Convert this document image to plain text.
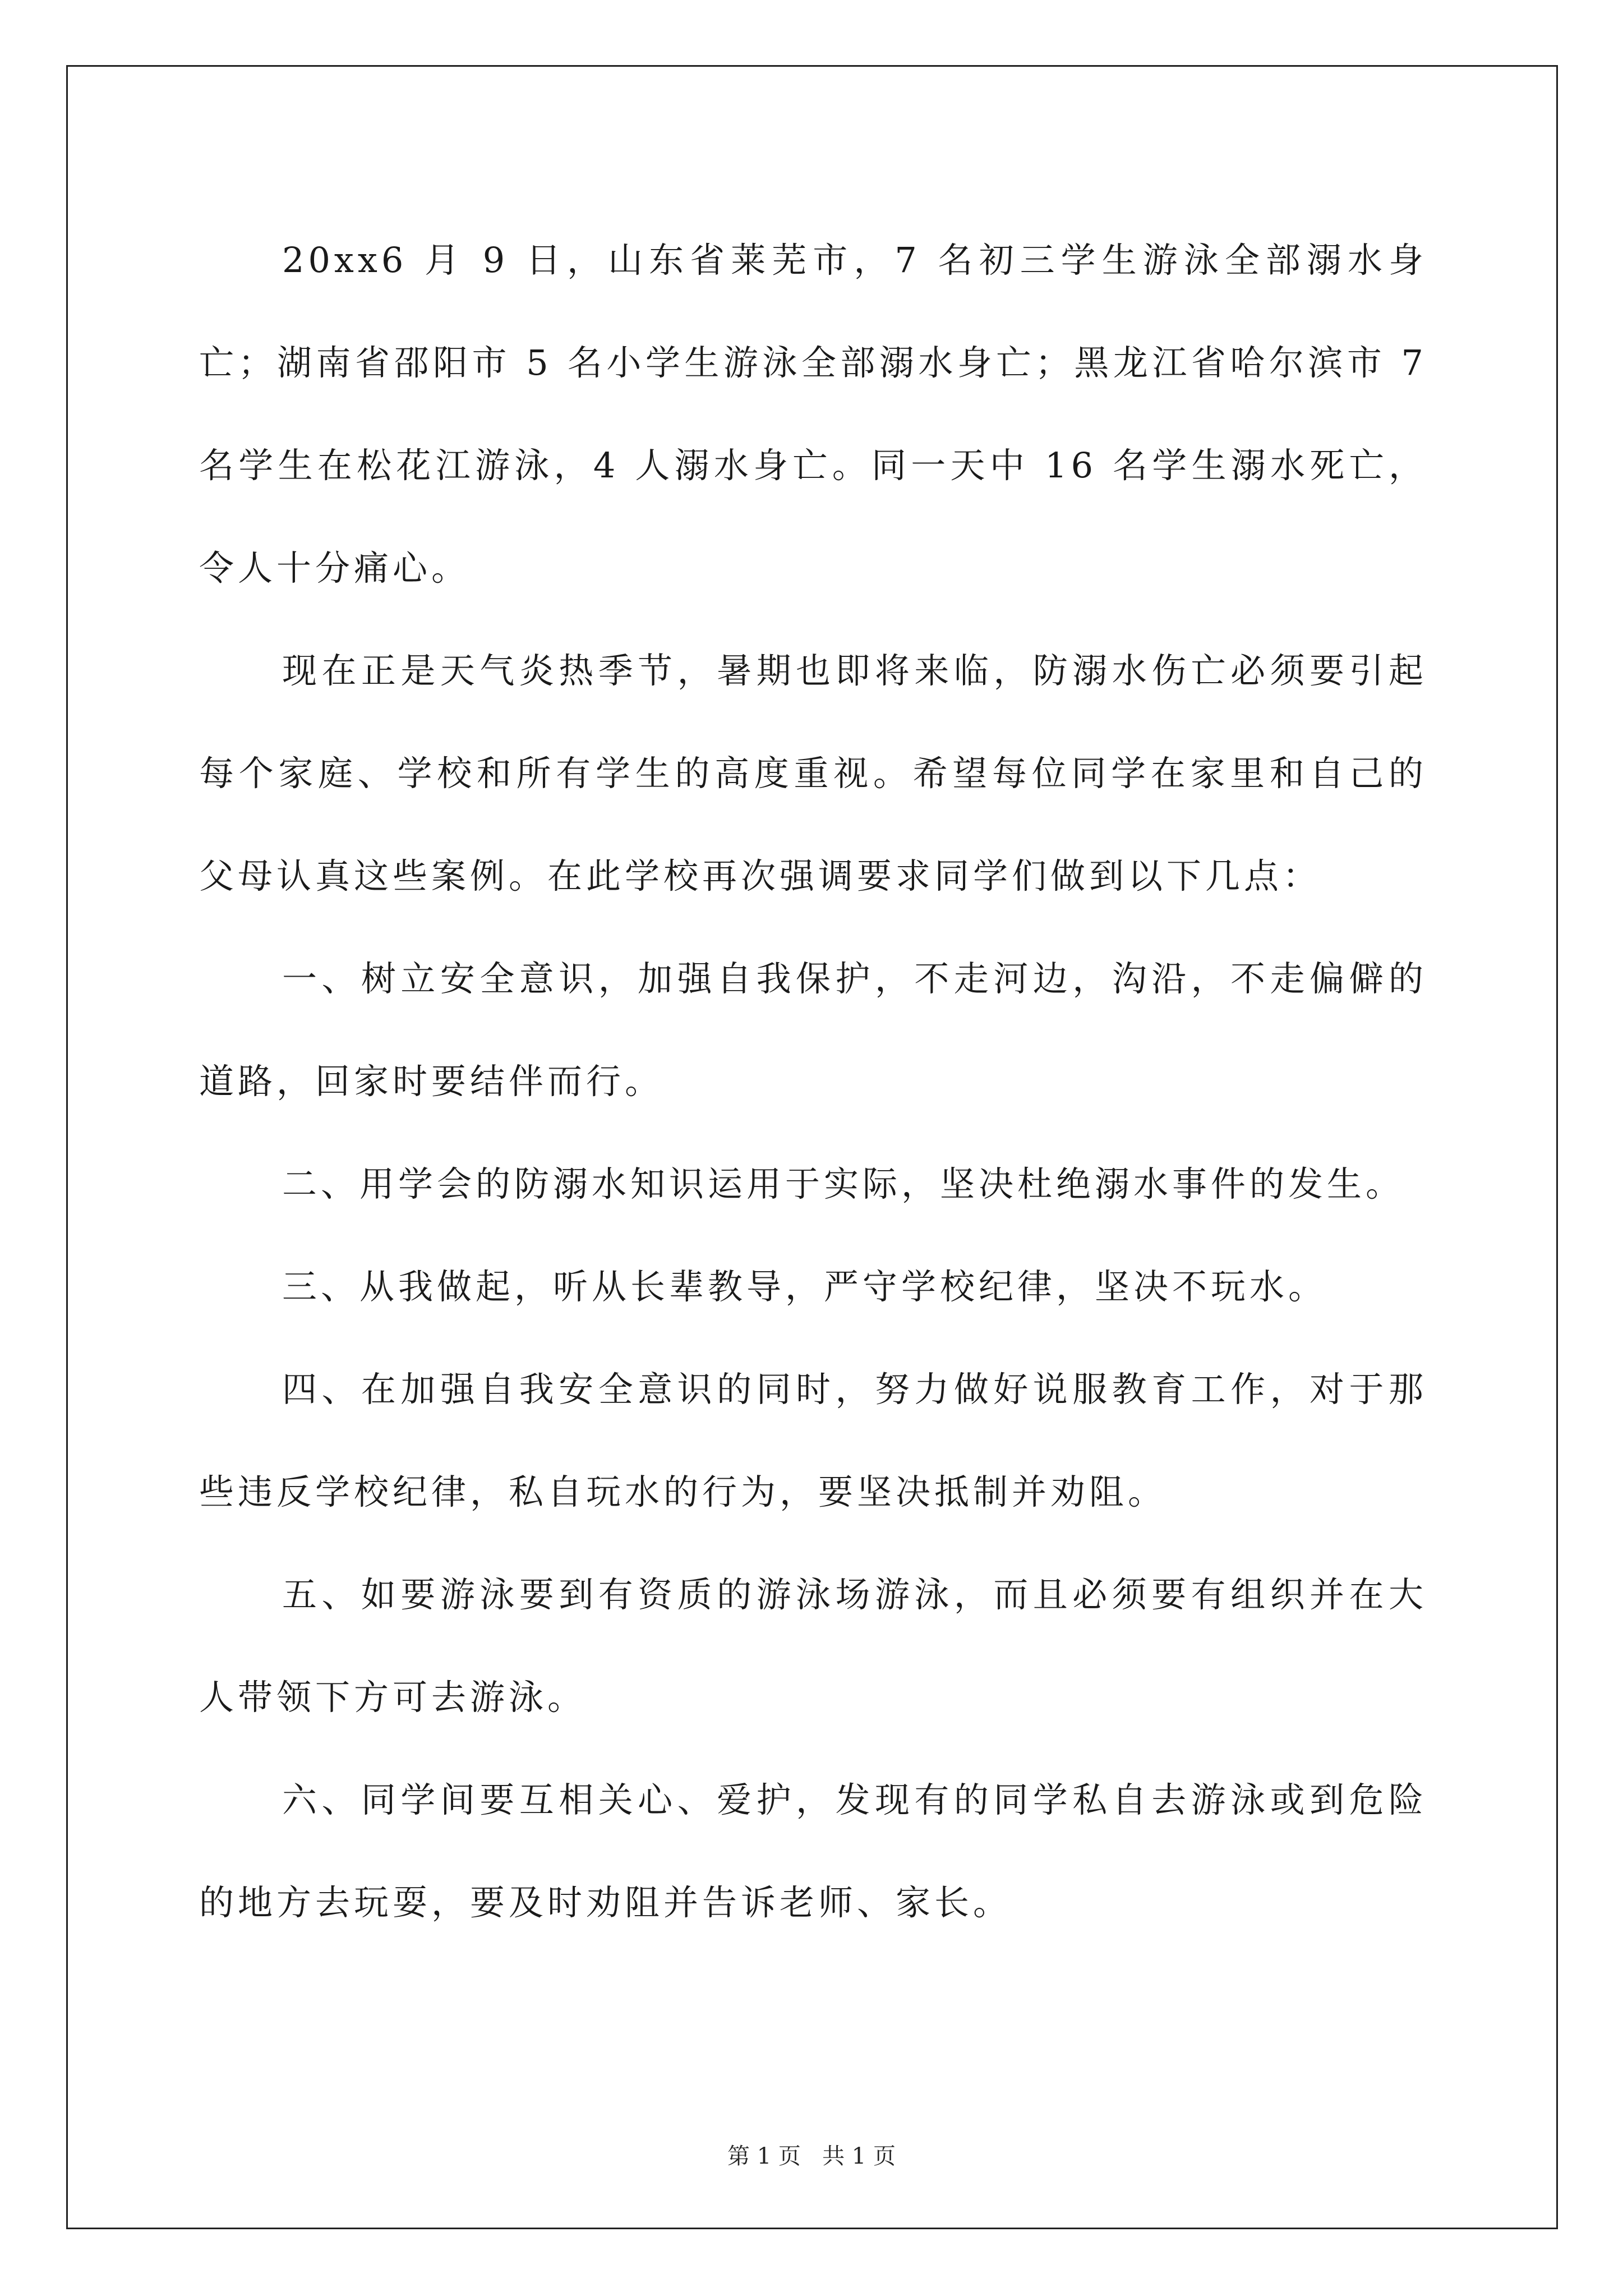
20xx6 月 9 日，山东省莱芜市，7 名初三学生游泳全部溺水身亡；湖南省邵阳市 5 名小学生游泳全部溺水身亡；黑龙江省哈尔滨市 7 名学生在松花江游泳，4 人溺水身亡。同一天中 16 名学生溺水死亡，令人十分痛心。

现在正是天气炎热季节，暑期也即将来临，防溺水伤亡必须要引起每个家庭、学校和所有学生的高度重视。希望每位同学在家里和自己的父母认真这些案例。在此学校再次强调要求同学们做到以下几点：

一、树立安全意识，加强自我保护，不走河边，沟沿，不走偏僻的道路，回家时要结伴而行。

二、用学会的防溺水知识运用于实际，坚决杜绝溺水事件的发生。

三、从我做起，听从长辈教导，严守学校纪律，坚决不玩水。

四、在加强自我安全意识的同时，努力做好说服教育工作，对于那些违反学校纪律，私自玩水的行为，要坚决抵制并劝阻。

五、如要游泳要到有资质的游泳场游泳，而且必须要有组织并在大人带领下方可去游泳。

六、同学间要互相关心、爱护，发现有的同学私自去游泳或到危险的地方去玩耍，要及时劝阻并告诉老师、家长。

第 1 页   共 1 页
